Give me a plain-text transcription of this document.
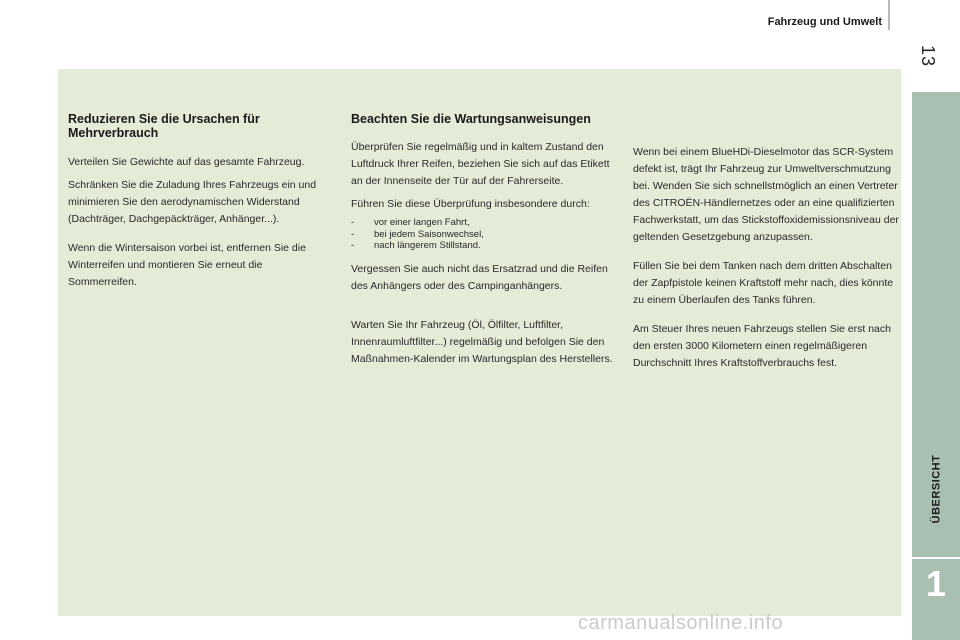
Fahrzeug und Umwelt
13
ÜBERSICHT
1
Reduzieren Sie die Ursachen für Mehrverbrauch

Verteilen Sie Gewichte auf das gesamte Fahrzeug.

Schränken Sie die Zuladung Ihres Fahrzeugs ein und minimieren Sie den aerodynamischen Widerstand (Dachträger, Dachgepäckträger, Anhänger...).

Wenn die Wintersaison vorbei ist, entfernen Sie die Winterreifen und montieren Sie erneut die Sommerreifen.

Beachten Sie die Wartungsanweisungen

Überprüfen Sie regelmäßig und in kaltem Zustand den Luftdruck Ihrer Reifen, beziehen Sie sich auf das Etikett an der Innenseite der Tür auf der Fahrerseite.

Führen Sie diese Überprüfung insbesondere durch:

- vor einer langen Fahrt,
- bei jedem Saisonwechsel,
- nach längerem Stillstand.

Vergessen Sie auch nicht das Ersatzrad und die Reifen des Anhängers oder des Campinganhängers.

Warten Sie Ihr Fahrzeug (Öl, Ölfilter, Luftfilter, Innenraumluftfilter...) regelmäßig und befolgen Sie den Maßnahmen-Kalender im Wartungsplan des Herstellers.

Wenn bei einem BlueHDi-Dieselmotor das SCR-System defekt ist, trägt Ihr Fahrzeug zur Umweltverschmutzung bei. Wenden Sie sich schnellstmöglich an einen Vertreter des CITROËN-Händlernetzes oder an eine qualifizierten Fachwerkstatt, um das Stickstoffoxidemissionsniveau der geltenden Gesetzgebung anzupassen.

Füllen Sie bei dem Tanken nach dem dritten Abschalten der Zapfpistole keinen Kraftstoff mehr nach, dies könnte zu einem Überlaufen des Tanks führen.

Am Steuer Ihres neuen Fahrzeugs stellen Sie erst nach den ersten 3000 Kilometern einen regelmäßigeren Durchschnitt Ihres Kraftstoffverbrauchs fest.

carmanualsonline.info
